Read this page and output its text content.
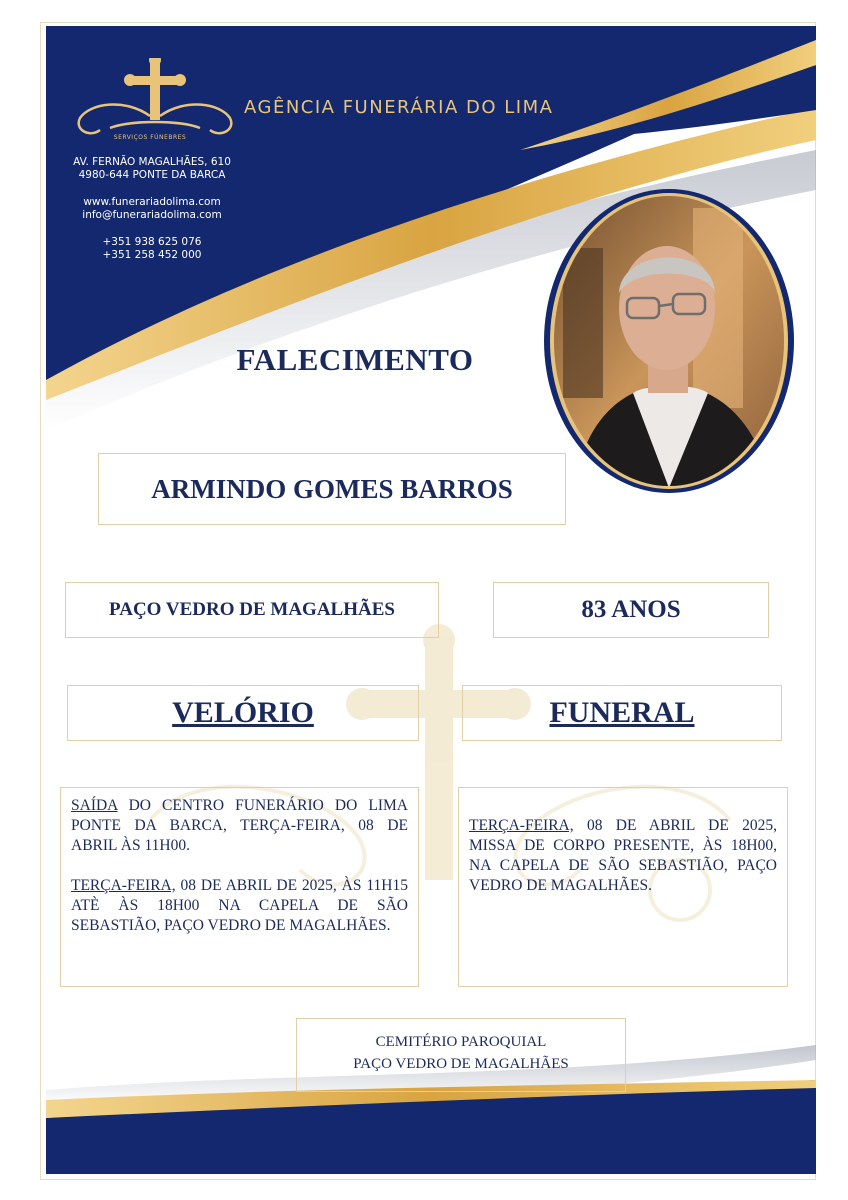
SERVIÇOS FÚNEBRES
AGÊNCIA FUNERÁRIA DO LIMA
AV. FERNÃO MAGALHÃES, 610
4980-644 PONTE DA BARCA
www.funerariadolima.com
info@funerariadolima.com
+351 938 625 076
+351 258 452 000
FALECIMENTO
ARMINDO GOMES BARROS
PAÇO VEDRO DE MAGALHÃES	83 ANOS
VELÓRIO	FUNERAL

SAÍDA DO CENTRO FUNERÁRIO DO LIMA PONTE DA BARCA, TERÇA-FEIRA, 08 DE ABRIL ÀS 11H00.

TERÇA-FEIRA, 08 DE ABRIL DE 2025, ÀS 11H15 ATÈ ÀS 18H00 NA CAPELA DE SÃO SEBASTIÃO, PAÇO VEDRO DE MAGALHÃES.

TERÇA-FEIRA, 08 DE ABRIL DE 2025, MISSA DE CORPO PRESENTE, ÀS 18H00, NA CAPELA DE SÃO SEBASTIÃO, PAÇO VEDRO DE MAGALHÃES.

CEMITÉRIO PAROQUIAL
PAÇO VEDRO DE MAGALHÃES
